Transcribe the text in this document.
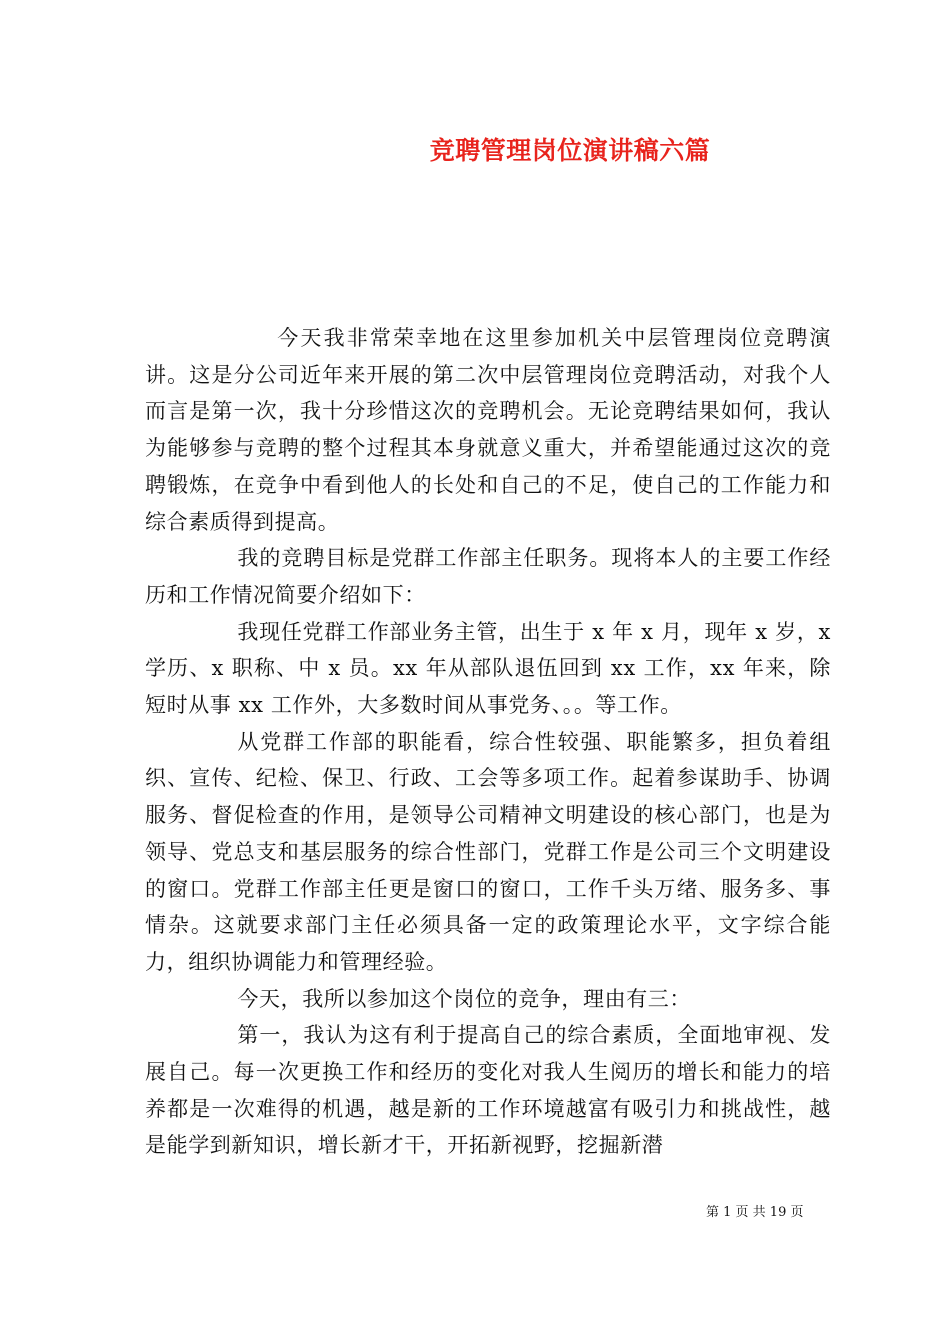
竞聘管理岗位演讲稿六篇

今天我非常荣幸地在这里参加机关中层管理岗位竞聘演讲。这是分公司近年来开展的第二次中层管理岗位竞聘活动，对我个人而言是第一次，我十分珍惜这次的竞聘机会。无论竞聘结果如何，我认为能够参与竞聘的整个过程其本身就意义重大，并希望能通过这次的竞聘锻炼，在竞争中看到他人的长处和自己的不足，使自己的工作能力和综合素质得到提高。

我的竞聘目标是党群工作部主任职务。现将本人的主要工作经历和工作情况简要介绍如下：

我现任党群工作部业务主管，出生于 x 年 x 月，现年 x 岁，x 学历、x 职称、中 x 员。xx 年从部队退伍回到 xx 工作，xx 年来，除短时从事 xx 工作外，大多数时间从事党务、。。等工作。

从党群工作部的职能看，综合性较强、职能繁多，担负着组织、宣传、纪检、保卫、行政、工会等多项工作。起着参谋助手、协调服务、督促检查的作用，是领导公司精神文明建设的核心部门，也是为领导、党总支和基层服务的综合性部门，党群工作是公司三个文明建设的窗口。党群工作部主任更是窗口的窗口，工作千头万绪、服务多、事情杂。这就要求部门主任必须具备一定的政策理论水平，文字综合能力，组织协调能力和管理经验。

今天，我所以参加这个岗位的竞争，理由有三：

第一，我认为这有利于提高自己的综合素质，全面地审视、发展自己。每一次更换工作和经历的变化对我人生阅历的增长和能力的培养都是一次难得的机遇，越是新的工作环境越富有吸引力和挑战性，越是能学到新知识，增长新才干，开拓新视野，挖掘新潜

第 1 页 共 19 页
